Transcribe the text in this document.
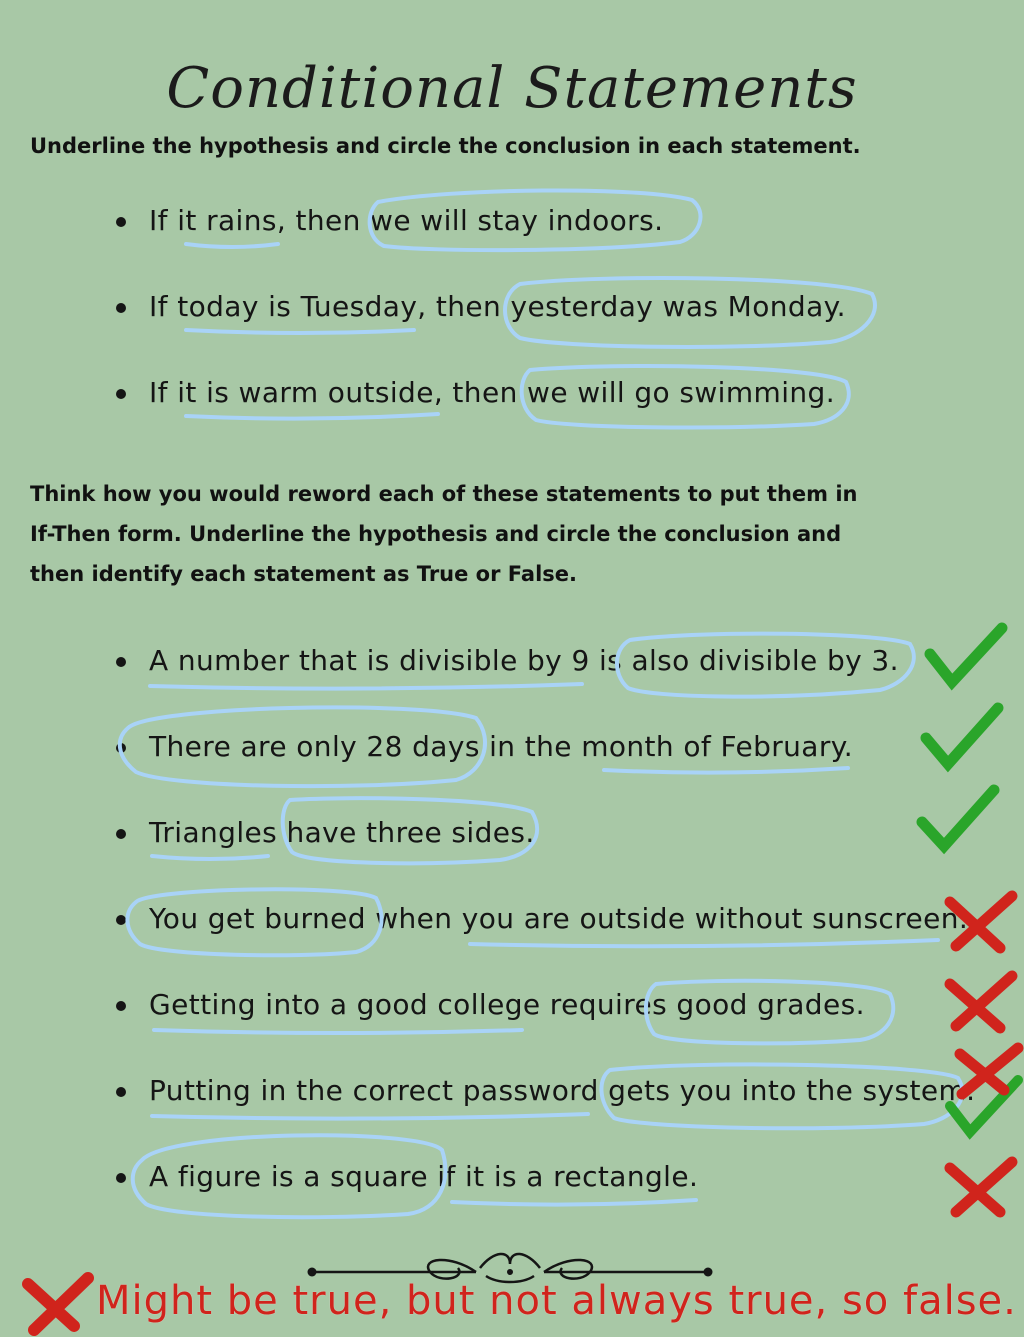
Conditional Statements
Underline the hypothesis and circle the conclusion in each statement.
If it rains, then we will stay indoors.
If today is Tuesday, then yesterday was Monday.
If it is warm outside, then we will go swimming.
Think how you would reword each of these statements to put them in
If-Then form. Underline the hypothesis and circle the conclusion and
then identify each statement as True or False.
A number that is divisible by 9 is also divisible by 3.
There are only 28 days in the month of February.
Triangles have three sides.
You get burned when you are outside without sunscreen.
Getting into a good college requires good grades.
Putting in the correct password gets you into the system.
A figure is a square if it is a rectangle.
Might be true, but not always true, so false.
